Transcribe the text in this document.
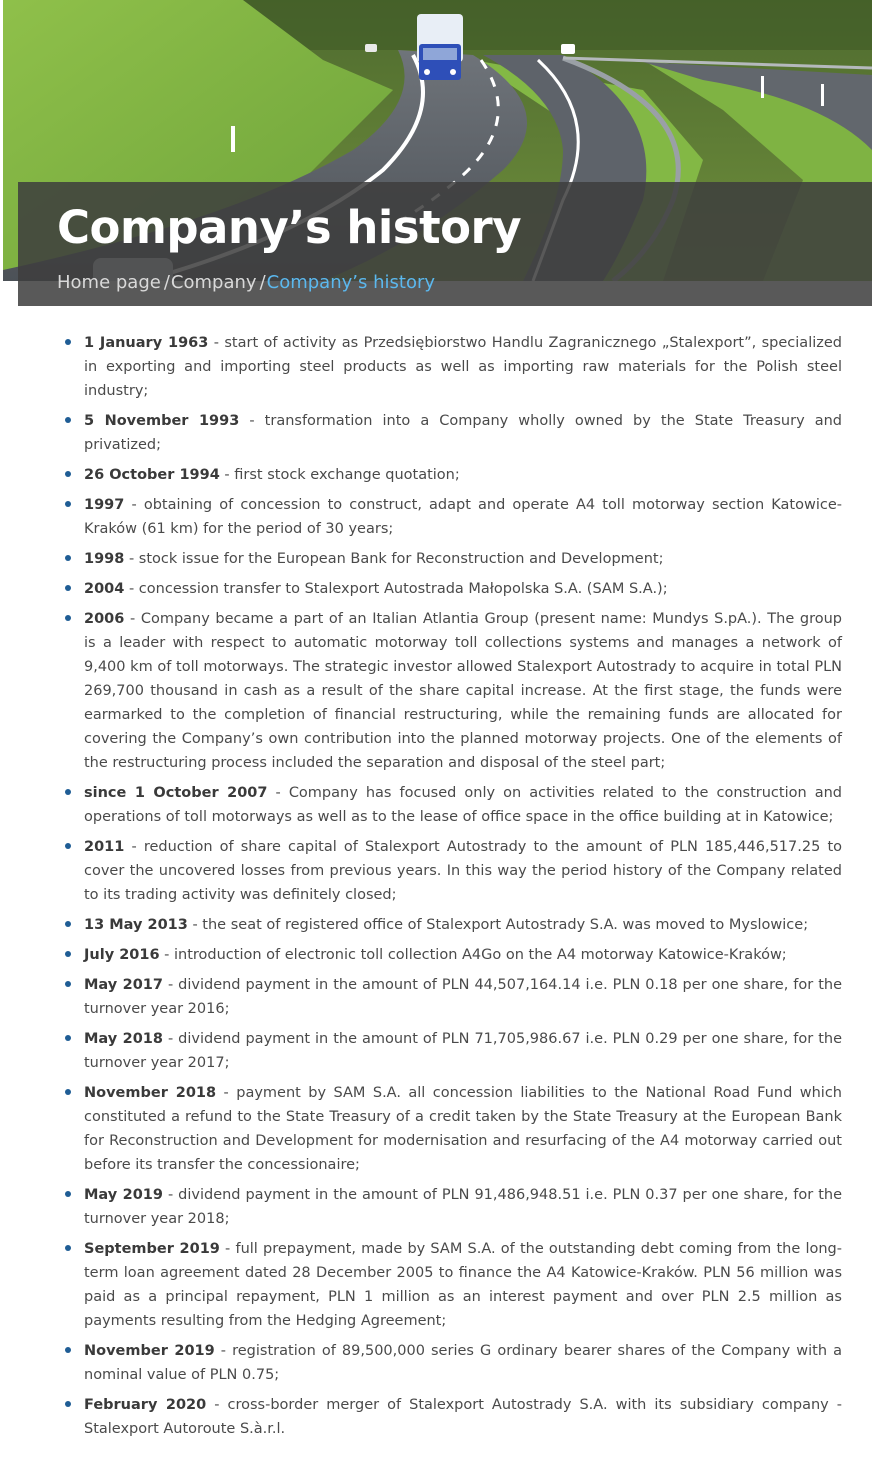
Company’s history
Home page /Company /Company’s history
1 January 1963 - start of activity as Przedsiębiorstwo Handlu Zagranicznego „Stalexport”, specialized in exporting and importing steel products as well as importing raw materials for the Polish steel industry;
5 November 1993 - transformation into a Company wholly owned by the State Treasury and privatized;
26 October 1994 - first stock exchange quotation;
1997 - obtaining of concession to construct, adapt and operate A4 toll motorway section Katowice-Kraków (61 km) for the period of 30 years;
1998 - stock issue for the European Bank for Reconstruction and Development;
2004 - concession transfer to Stalexport Autostrada Małopolska S.A. (SAM S.A.);
2006 - Company became a part of an Italian Atlantia Group (present name: Mundys S.pA.). The group is a leader with respect to automatic motorway toll collections systems and manages a network of 9,400 km of toll motorways. The strategic investor allowed Stalexport Autostrady to acquire in total PLN 269,700 thousand in cash as a result of the share capital increase. At the first stage, the funds were earmarked to the completion of financial restructuring, while the remaining funds are allocated for covering the Company’s own contribution into the planned motorway projects. One of the elements of the restructuring process included the separation and disposal of the steel part;
since 1 October 2007 - Company has focused only on activities related to the construction and operations of toll motorways as well as to the lease of office space in the office building at in Katowice;
2011 - reduction of share capital of Stalexport Autostrady to the amount of PLN 185,446,517.25 to cover the uncovered losses from previous years. In this way the period history of the Company related to its trading activity was definitely closed;
13 May 2013 - the seat of registered office of Stalexport Autostrady S.A. was moved to Myslowice;
July 2016 - introduction of electronic toll collection A4Go on the A4 motorway Katowice-Kraków;
May 2017 - dividend payment in the amount of PLN 44,507,164.14 i.e. PLN 0.18 per one share, for the turnover year 2016;
May 2018 - dividend payment in the amount of PLN 71,705,986.67 i.e. PLN 0.29 per one share, for the turnover year 2017;
November 2018 - payment by SAM S.A. all concession liabilities to the National Road Fund which constituted a refund to the State Treasury of a credit taken by the State Treasury at the European Bank for Reconstruction and Development for modernisation and resurfacing of the A4 motorway carried out before its transfer the concessionaire;
May 2019 - dividend payment in the amount of PLN 91,486,948.51 i.e. PLN 0.37 per one share, for the turnover year 2018;
September 2019 - full prepayment, made by SAM S.A. of the outstanding debt coming from the long-term loan agreement dated 28 December 2005 to finance the A4 Katowice-Kraków. PLN 56 million was paid as a principal repayment, PLN 1 million as an interest payment and over PLN 2.5 million as payments resulting from the Hedging Agreement;
November 2019 - registration of 89,500,000 series G ordinary bearer shares of the Company with a nominal value of PLN 0.75;
February 2020 - cross-border merger of Stalexport Autostrady S.A. with its subsidiary company - Stalexport Autoroute S.à.r.l.
